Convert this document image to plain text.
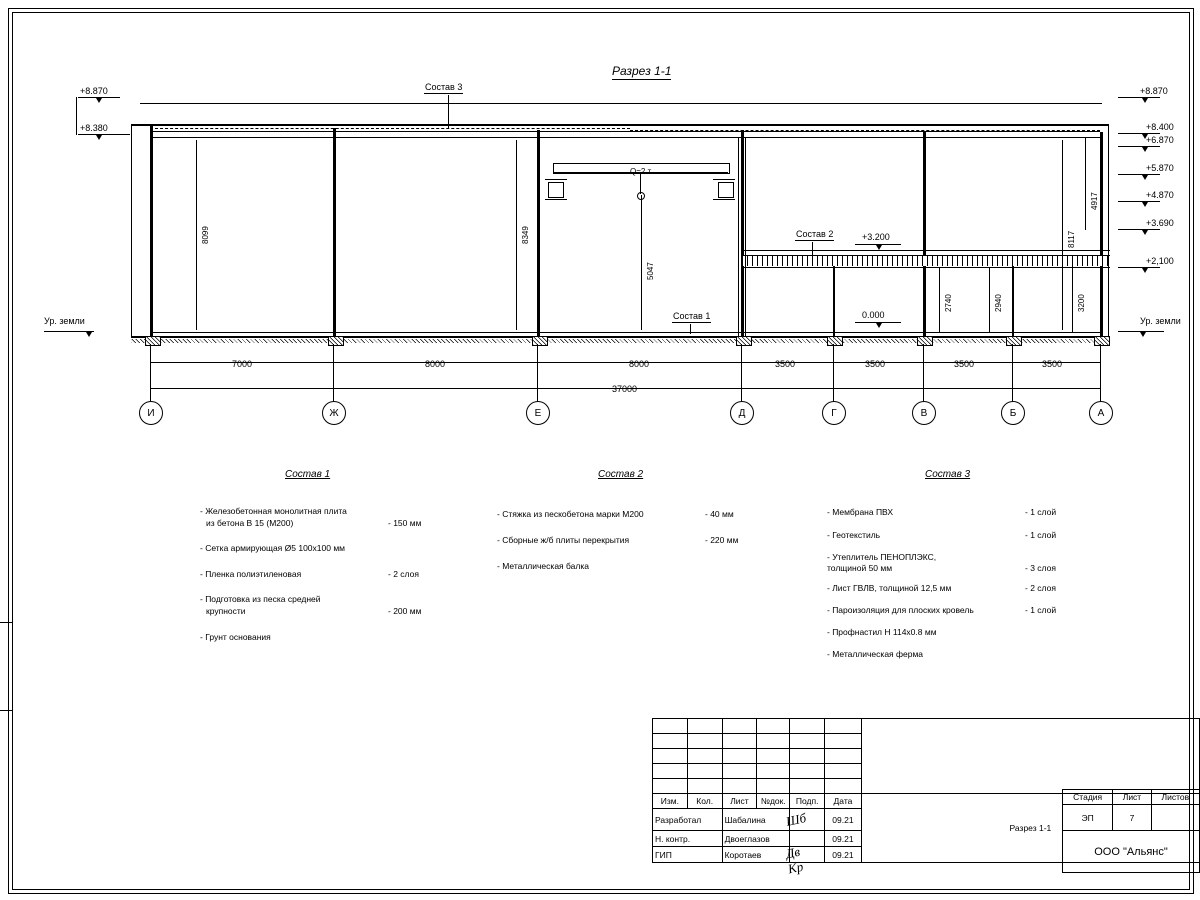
Разрез 1-1
Q=2 т
+8.870
+8.380
Ур. земли
+8.870
+8.400
+6.870
+5.870
+4.870
+3.690
+2,100
Ур. земли
+3.200
0.000
Состав 3
Состав 2
Состав 1
8099	8349
5047
8117
4917
2740	2940	3200
7000	8000	8000	3500	3500	3500	3500
37000
И	Ж	Е	Д	Г	В	Б	А
Состав 1
- Железобетонная монолитная плита
из бетона В 15 (М200)	- 150 мм
- Сетка армирующая Ø5 100х100 мм
- Пленка полиэтиленовая	- 2 слоя
- Подготовка из песка средней
крупности	- 200 мм
- Грунт основания
Состав 2
- Стяжка из пескобетона марки М200	- 40 мм
- Сборные ж/б плиты перекрытия	- 220 мм
- Металлическая балка
Состав 3
- Мембрана ПВХ	- 1 слой
- Геотекстиль	- 1 слой
- Утеплитель ПЕНОПЛЭКС,
толщиной 50 мм	- 3 слоя
- Лист ГВЛВ, толщиной 12,5 мм	- 2 слоя
- Пароизоляция для плоских кровель	- 1 слой
- Профнастил Н 114х0.8 мм
- Металлическая ферма

Изм.	Кол.	Лист	№док.	Подп.	Дата	Разрез 1-1
Разработал		Шабалина			09.21	
Н. контр.		Двоеглазов			09.21	
ГИП		Коротаев			09.21	
Стадия	Лист	Листов
ЭП	7	
ООО "Альянс"		
Шб
Дв
Кр
